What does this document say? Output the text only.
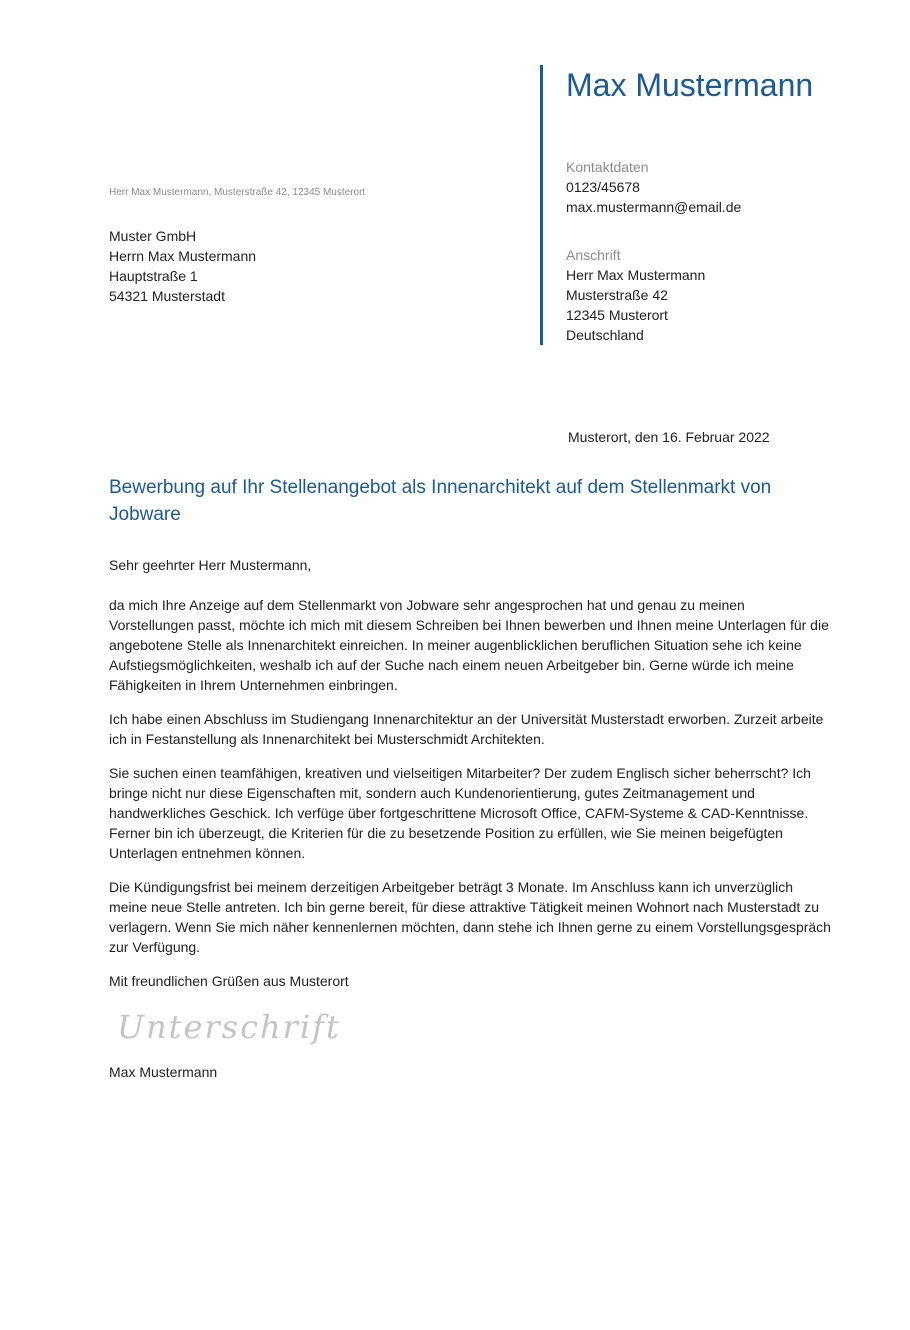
Max Mustermann
Kontaktdaten
0123/45678
max.mustermann@email.de
Anschrift
Herr Max Mustermann
Musterstraße 42
12345 Musterort
Deutschland
Herr Max Mustermann, Musterstraße 42, 12345 Musterort
Muster GmbH
Herrn Max Mustermann
Hauptstraße 1
54321 Musterstadt
Musterort, den 16. Februar 2022
Bewerbung auf Ihr Stellenangebot als Innenarchitekt auf dem Stellenmarkt von Jobware
Sehr geehrter Herr Mustermann,
da mich Ihre Anzeige auf dem Stellenmarkt von Jobware sehr angesprochen hat und genau zu meinen Vorstellungen passt, möchte ich mich mit diesem Schreiben bei Ihnen bewerben und Ihnen meine Unterlagen für die angebotene Stelle als Innenarchitekt einreichen. In meiner augenblicklichen beruflichen Situation sehe ich keine Aufstiegsmöglichkeiten, weshalb ich auf der Suche nach einem neuen Arbeitgeber bin. Gerne würde ich meine Fähigkeiten in Ihrem Unternehmen einbringen.
Ich habe einen Abschluss im Studiengang Innenarchitektur an der Universität Musterstadt erworben. Zurzeit arbeite ich in Festanstellung als Innenarchitekt bei Musterschmidt Architekten.
Sie suchen einen teamfähigen, kreativen und vielseitigen Mitarbeiter? Der zudem Englisch sicher beherrscht? Ich bringe nicht nur diese Eigenschaften mit, sondern auch Kundenorientierung, gutes Zeitmanagement und handwerkliches Geschick. Ich verfüge über fortgeschrittene Microsoft Office, CAFM-Systeme & CAD-Kenntnisse. Ferner bin ich überzeugt, die Kriterien für die zu besetzende Position zu erfüllen, wie Sie meinen beigefügten Unterlagen entnehmen können.
Die Kündigungsfrist bei meinem derzeitigen Arbeitgeber beträgt 3 Monate. Im Anschluss kann ich unverzüglich meine neue Stelle antreten. Ich bin gerne bereit, für diese attraktive Tätigkeit meinen Wohnort nach Musterstadt zu verlagern. Wenn Sie mich näher kennenlernen möchten, dann stehe ich Ihnen gerne zu einem Vorstellungsgespräch zur Verfügung.
Mit freundlichen Grüßen aus Musterort
Unterschrift
Max Mustermann
